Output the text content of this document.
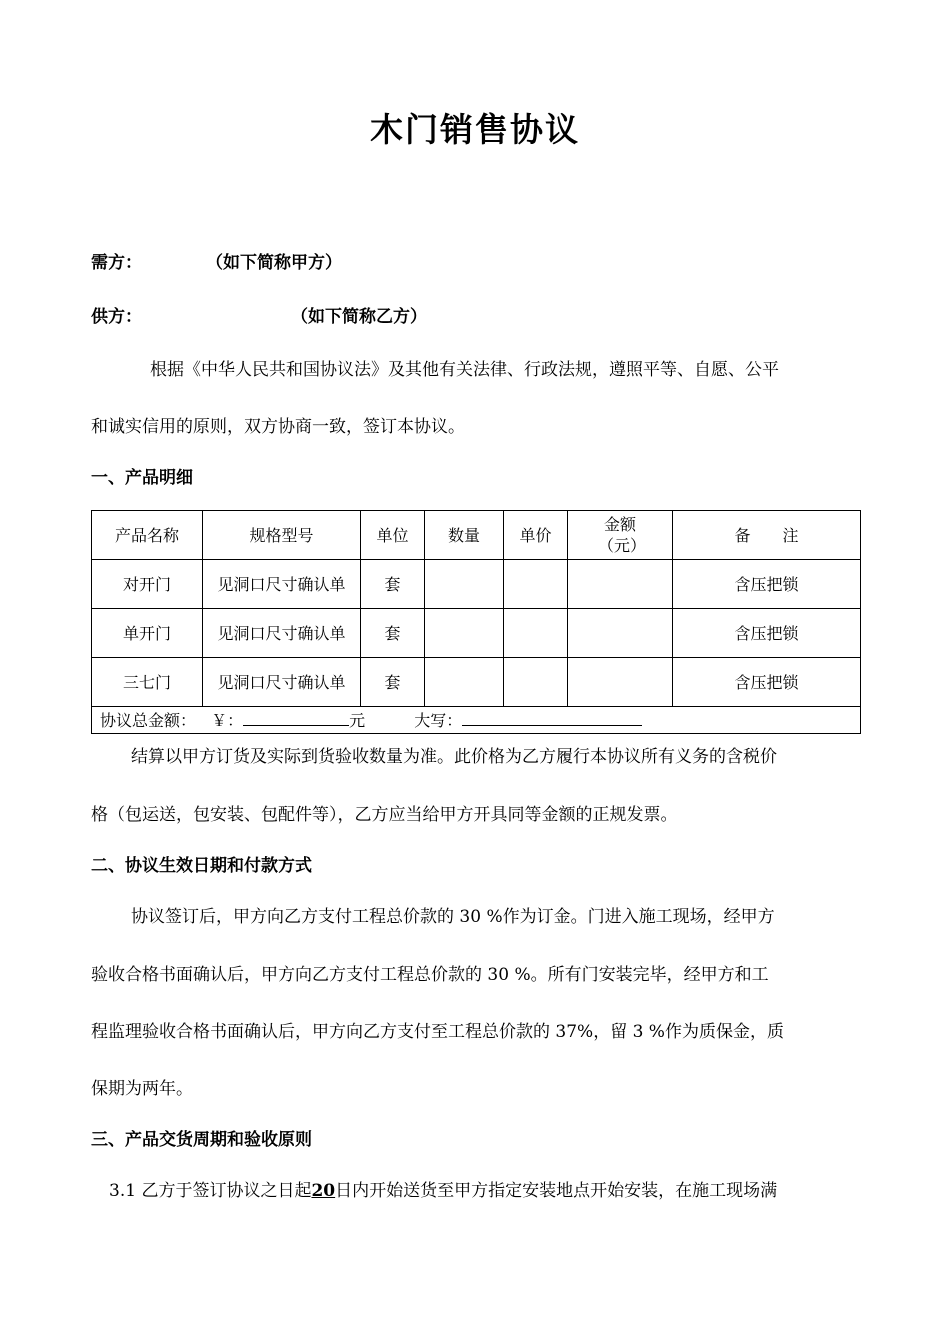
木门销售协议
需方：	（如下简称甲方）
供方：	（如下简称乙方）
根据《中华人民共和国协议法》及其他有关法律、行政法规，遵照平等、自愿、公平
和诚实信用的原则，双方协商一致，签订本协议。
一、产品明细
产品名称	规格型号	单位	数量	单价	金额（元）	备　　注
对开门	见洞口尺寸确认单	套				含压把锁
单开门	见洞口尺寸确认单	套				含压把锁
三七门	见洞口尺寸确认单	套				含压把锁
协议总金额： ￥： 元 大写：						
结算以甲方订货及实际到货验收数量为准。此价格为乙方履行本协议所有义务的含税价
格（包运送，包安装、包配件等），乙方应当给甲方开具同等金额的正规发票。
二、协议生效日期和付款方式
协议签订后，甲方向乙方支付工程总价款的 30 %作为订金。门进入施工现场，经甲方
验收合格书面确认后，甲方向乙方支付工程总价款的 30 %。所有门安装完毕，经甲方和工
程监理验收合格书面确认后，甲方向乙方支付至工程总价款的 37%，留 3 %作为质保金，质
保期为两年。
三、产品交货周期和验收原则
3.1 乙方于签订协议之日起20日内开始送货至甲方指定安装地点开始安装，在施工现场满
